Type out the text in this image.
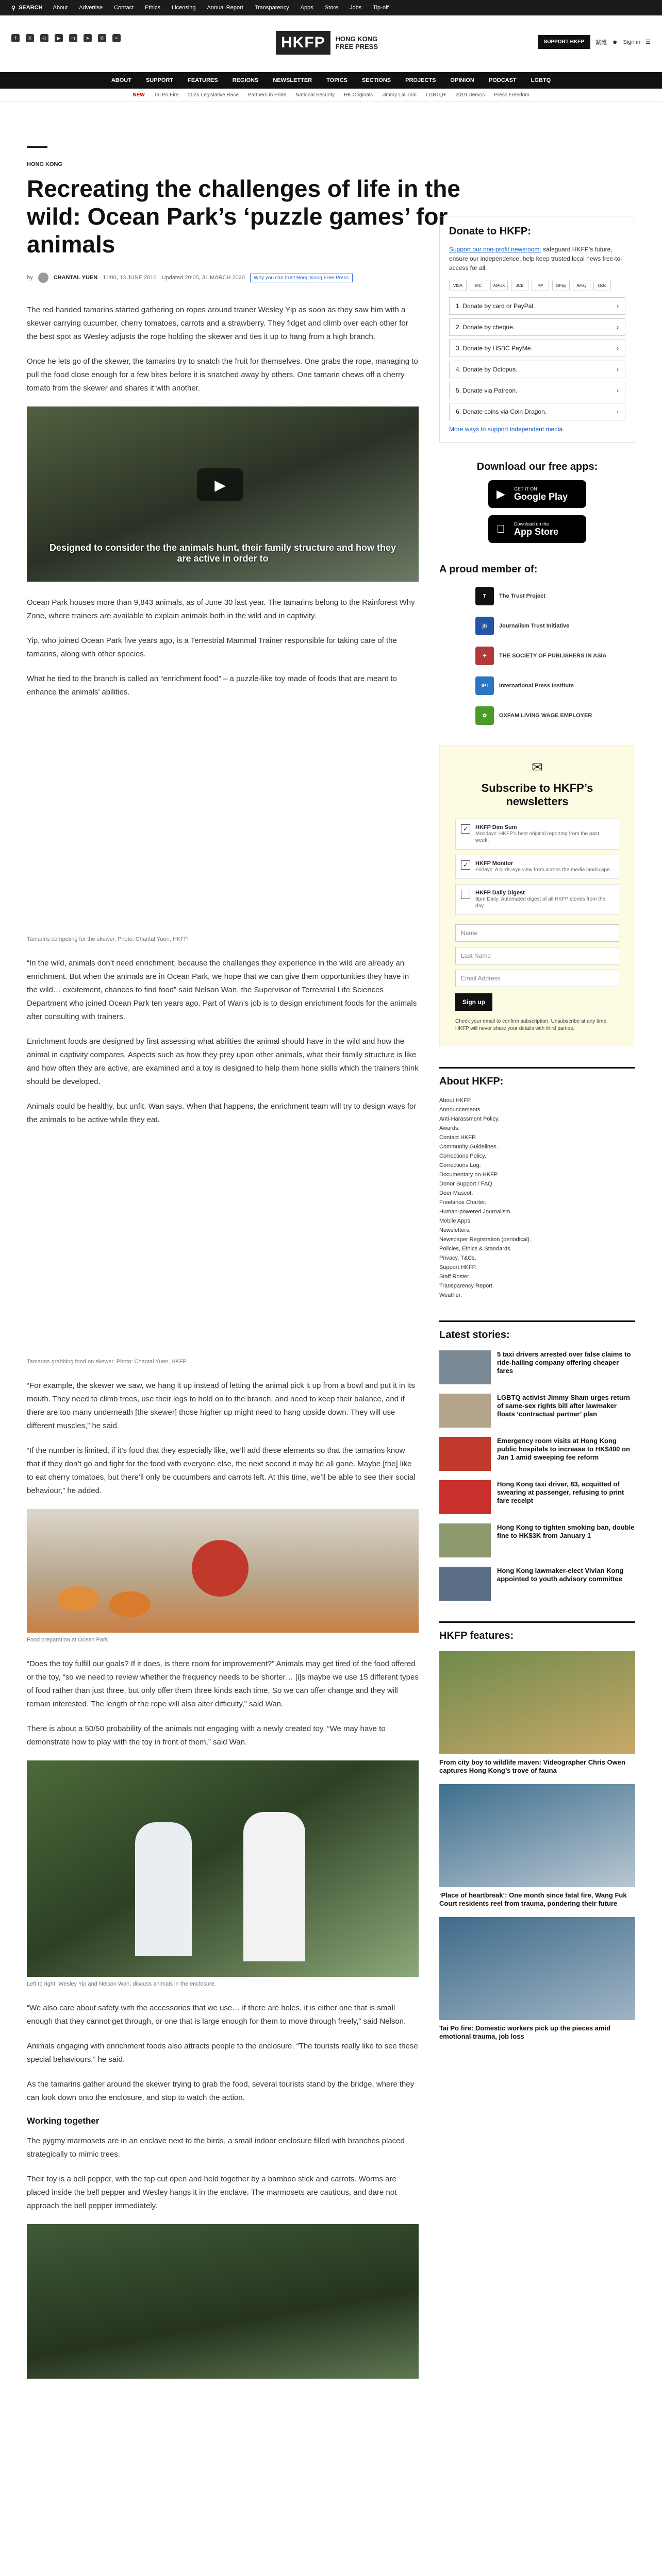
⚲ SEARCH About Advertise Contact Ethics Licensing Annual Report Transparency Apps Store Jobs Tip-off
f	X	◎	▶	in	➤	✆	≈	HKFP	HONG KONG
FREE PRESS
SUPPORT HKFP	繁體 ☻ Sign in ☰
ABOUT	SUPPORT	FEATURES	REGIONS	NEWSLETTER	TOPICS	SECTIONS	PROJECTS	OPINION	PODCAST	LGBTQ
NEW Tai Po Fire 2025 Legislative Race Partners in Pride National Security HK Originals Jimmy Lai Trial LGBTQ+ 2019 Demos Press Freedom
HONG KONG
Recreating the challenges of life in the wild: Ocean Park’s ‘puzzle games’ for animals
by	CHANTAL YUEN 11:00, 13 JUNE 2010 Updated 20:05, 31 MARCH 2020	Why you can trust Hong Kong Free Press

The red handed tamarins started gathering on ropes around trainer Wesley Yip as soon as they saw him with a skewer carrying cucumber, cherry tomatoes, carrots and a strawberry. They fidget and climb over each other for the best spot as Wesley adjusts the rope holding the skewer and ties it up to hang from a high branch.

Once he lets go of the skewer, the tamarins try to snatch the fruit for themselves. One grabs the rope, managing to pull the food close enough for a few bites before it is snatched away by others. One tamarin chews off a cherry tomato from the skewer and shares it with another.

▶
Designed to consider the the animals hunt, their family structure and how they are active in order to

Ocean Park houses more than 9,843 animals, as of June 30 last year. The tamarins belong to the Rainforest Why Zone, where trainers are available to explain animals both in the wild and in captivity.

Yip, who joined Ocean Park five years ago, is a Terrestrial Mammal Trainer responsible for taking care of the tamarins, along with other species.

What he tied to the branch is called an “enrichment food” – a puzzle-like toy made of foods that are meant to enhance the animals’ abilities.

Tamarins competing for the skewer. Photo: Chantal Yuen, HKFP.

“In the wild, animals don’t need enrichment, because the challenges they experience in the wild are already an enrichment. But when the animals are in Ocean Park, we hope that we can give them opportunities they have in the wild… excitement, chances to find food” said Nelson Wan, the Supervisor of Terrestrial Life Sciences Department who joined Ocean Park ten years ago. Part of Wan’s job is to design enrichment foods for the animals after consulting with trainers.

Enrichment foods are designed by first assessing what abilities the animal should have in the wild and how the animal in captivity compares. Aspects such as how they prey upon other animals, what their family structure is like and how often they are active, are examined and a toy is designed to help them hone skills which the trainers think should be developed.

Animals could be healthy, but unfit. Wan says. When that happens, the enrichment team will try to design ways for the animals to be active while they eat.

Tamarins grabbing food on skewer. Photo: Chantal Yuen, HKFP.

“For example, the skewer we saw, we hang it up instead of letting the animal pick it up from a bowl and put it in its mouth. They need to climb trees, use their legs to hold on to the branch, and need to keep their balance, and if there are too many underneath [the skewer] those higher up might need to hang upside down. They will use different muscles,” he said.

“If the number is limited, if it’s food that they especially like, we’ll add these elements so that the tamarins know that if they don’t go and fight for the food with everyone else, the next second it may be all gone. Maybe [the] like to eat cherry tomatoes, but there’ll only be cucumbers and carrots left. At this time, we’ll be able to see their social behaviour,” he added.

Food preparation at Ocean Park.

“Does the toy fulfill our goals? If it does, is there room for improvement?” Animals may get tired of the food offered or the toy, “so we need to review whether the frequency needs to be shorter… [i]s maybe we use 15 different types of food rather than just three, but only offer them three kinds each time. So we can offer change and they will remain interested. The length of the rope will also alter difficulty,” said Wan.

There is about a 50/50 probability of the animals not engaging with a newly created toy. “We may have to demonstrate how to play with the toy in front of them,” said Wan.

Left to right: Wesley Yip and Nelson Wan, discuss animals in the enclosure.

“We also care about safety with the accessories that we use… if there are holes, it is either one that is small enough that they cannot get through, or one that is large enough for them to move through freely,” said Nelson.

Animals engaging with enrichment foods also attracts people to the enclosure. “The tourists really like to see these special behaviours,” he said.

As the tamarins gather around the skewer trying to grab the food, several tourists stand by the bridge, where they can look down onto the enclosure, and stop to watch the action.

Working together

The pygmy marmosets are in an enclave next to the birds, a small indoor enclosure filled with branches placed strategically to mimic trees.

Their toy is a bell pepper, with the top cut open and held together by a bamboo stick and carrots. Worms are placed inside the bell pepper and Wesley hangs it in the enclave. The marmosets are cautious, and dare not approach the bell pepper immediately.

Donate to HKFP:
Support our non-profit newsroom: safeguard HKFP’s future, ensure our independence, help keep trusted local news free-to-access for all.
VISA	MC	AMEX	JCB	PP	GPay	APay	Octo
1. Donate by card or PayPal.	›
2. Donate by cheque.	›
3. Donate by HSBC PayMe.	›
4. Donate by Octopus.	›
5. Donate via Patreon.	›
6. Donate coins via Coin Dragon.	›
More ways to support independent media.
Download our free apps:
▶ GET IT ON
Google Play
Download on the
App Store
A proud member of:
T	The Trust Project
jti	Journalism Trust Initiative
✦	THE SOCIETY OF PUBLISHERS IN ASIA
IPI	International Press Institute
✿	OXFAM LIVING WAGE EMPLOYER
✉
Subscribe to HKFP’s newsletters
✓	HKFP Dim Sum
Mondays: HKFP’s best original reporting from the past week.
✓	HKFP Monitor
Fridays: A birds-eye view from across the media landscape.
HKFP Daily Digest
9pm Daily: Automated digest of all HKFP stories from the day.
Name
Last Name
Email Address
Sign up
Check your email to confirm subscription. Unsubscribe at any time. HKFP will never share your details with third parties.
About HKFP:
About HKFP.
Announcements.
Anti-Harassment Policy.
Awards.
Contact HKFP.
Community Guidelines.
Corrections Policy.
Corrections Log.
Documentary on HKFP.
Donor Support / FAQ.
Deer Mascot.
Freelance Charter.
Human-powered Journalism.
Mobile Apps.
Newsletters.
Newspaper Registration (periodical).
Policies, Ethics & Standards.
Privacy, T&Cs.
Support HKFP.
Staff Roster.
Transparency Report.
Weather.
Latest stories:
5 taxi drivers arrested over false claims to ride-hailing company offering cheaper fares
LGBTQ activist Jimmy Sham urges return of same-sex rights bill after lawmaker floats ‘contractual partner’ plan
Emergency room visits at Hong Kong public hospitals to increase to HK$400 on Jan 1 amid sweeping fee reform
Hong Kong taxi driver, 83, acquitted of swearing at passenger, refusing to print fare receipt
Hong Kong to tighten smoking ban, double fine to HK$3K from January 1
Hong Kong lawmaker-elect Vivian Kong appointed to youth advisory committee
HKFP features:
From city boy to wildlife maven: Videographer Chris Owen captures Hong Kong’s trove of fauna
‘Place of heartbreak’: One month since fatal fire, Wang Fuk Court residents reel from trauma, pondering their future
Tai Po fire: Domestic workers pick up the pieces amid emotional trauma, job loss
